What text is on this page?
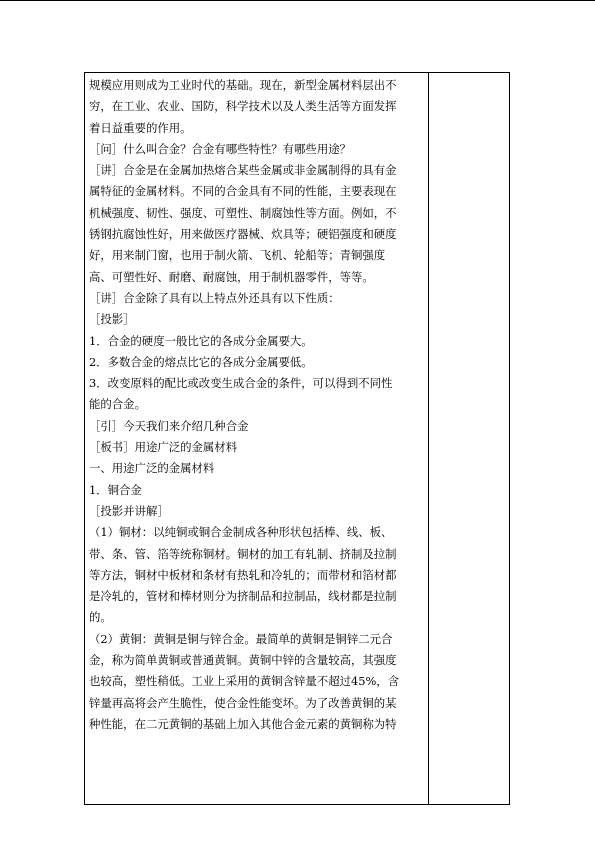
规模应用则成为工业时代的基础。现在，新型金属材料层出不
穷，在工业、农业、国防，科学技术以及人类生活等方面发挥
着日益重要的作用。
［问］什么叫合金？合金有哪些特性？有哪些用途？
［讲］合金是在金属加热熔合某些金属或非金属制得的具有金
属特征的金属材料。不同的合金具有不同的性能，主要表现在
机械强度、韧性、强度、可塑性、制腐蚀性等方面。例如，不
锈钢抗腐蚀性好，用来做医疗器械、炊具等；硬铝强度和硬度
好，用来制门窗，也用于制火箭、飞机、轮船等；青铜强度
高、可塑性好、耐磨、耐腐蚀，用于制机器零件，等等。
［讲］合金除了具有以上特点外还具有以下性质：
［投影］
1．合金的硬度一般比它的各成分金属要大。
2．多数合金的熔点比它的各成分金属要低。
3．改变原料的配比或改变生成合金的条件，可以得到不同性
能的合金。
［引］今天我们来介绍几种合金
［板书］用途广泛的金属材料
一、用途广泛的金属材料
1．铜合金
［投影并讲解］
（1）铜材：以纯铜或铜合金制成各种形状包括棒、线、板、
带、条、管、箔等统称铜材。铜材的加工有轧制、挤制及拉制
等方法，铜材中板材和条材有热轧和冷轧的；而带材和箔材都
是冷轧的，管材和棒材则分为挤制品和拉制品，线材都是拉制
的。
（2）黄铜：黄铜是铜与锌合金。最简单的黄铜是铜锌二元合
金，称为简单黄铜或普通黄铜。黄铜中锌的含量较高，其强度
也较高，塑性稍低。工业上采用的黄铜含锌量不超过45%，含
锌量再高将会产生脆性，使合金性能变坏。为了改善黄铜的某
种性能，在二元黄铜的基础上加入其他合金元素的黄铜称为特
